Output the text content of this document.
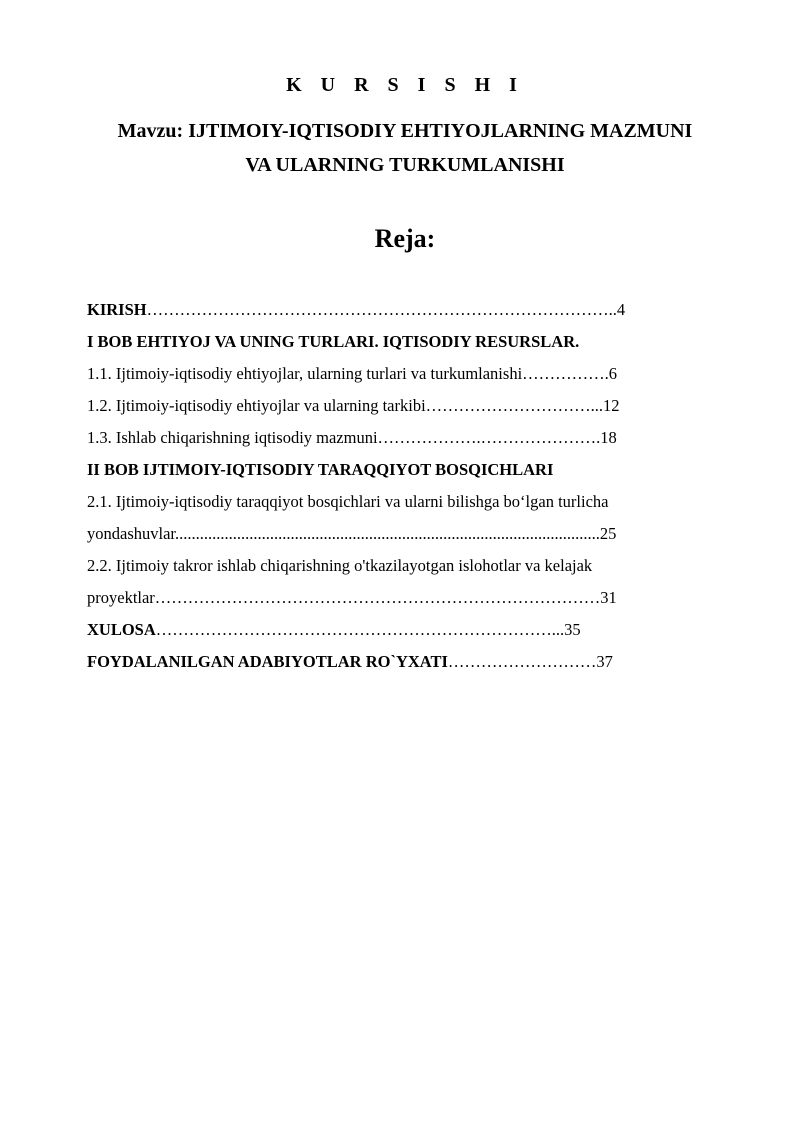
K U R S I S H I
Mavzu: IJTIMOIY-IQTISODIY EHTIYOJLARNING MAZMUNI
VA ULARNING TURKUMLANISHI
Reja:
KIRISH…………………………………………………………………………..4
I BOB EHTIYOJ VA UNING TURLARI. IQTISODIY RESURSLAR.
1.1. Ijtimoiy-iqtisodiy ehtiyojlar, ularning turlari va turkumlanishi…………….6
1.2. Ijtimoiy-iqtisodiy ehtiyojlar va ularning tarkibi…………………………...12
1.3. Ishlab chiqarishning iqtisodiy mazmuni……………….………………….18
II BOB IJTIMOIY-IQTISODIY TARAQQIYOT BOSQICHLARI
2.1. Ijtimoiy-iqtisodiy taraqqiyot bosqichlari va ularni bilishga bo‘lgan turlicha
yondashuvlar.......................................................................................................25
2.2. Ijtimoiy takror ishlab chiqarishning o'tkazilayotgan islohotlar va kelajak
proyektlar………………………………………………………………………31
XULOSA………………………………………………………………...35
FOYDALANILGAN ADABIYOTLAR RO`YXATI………………………37
